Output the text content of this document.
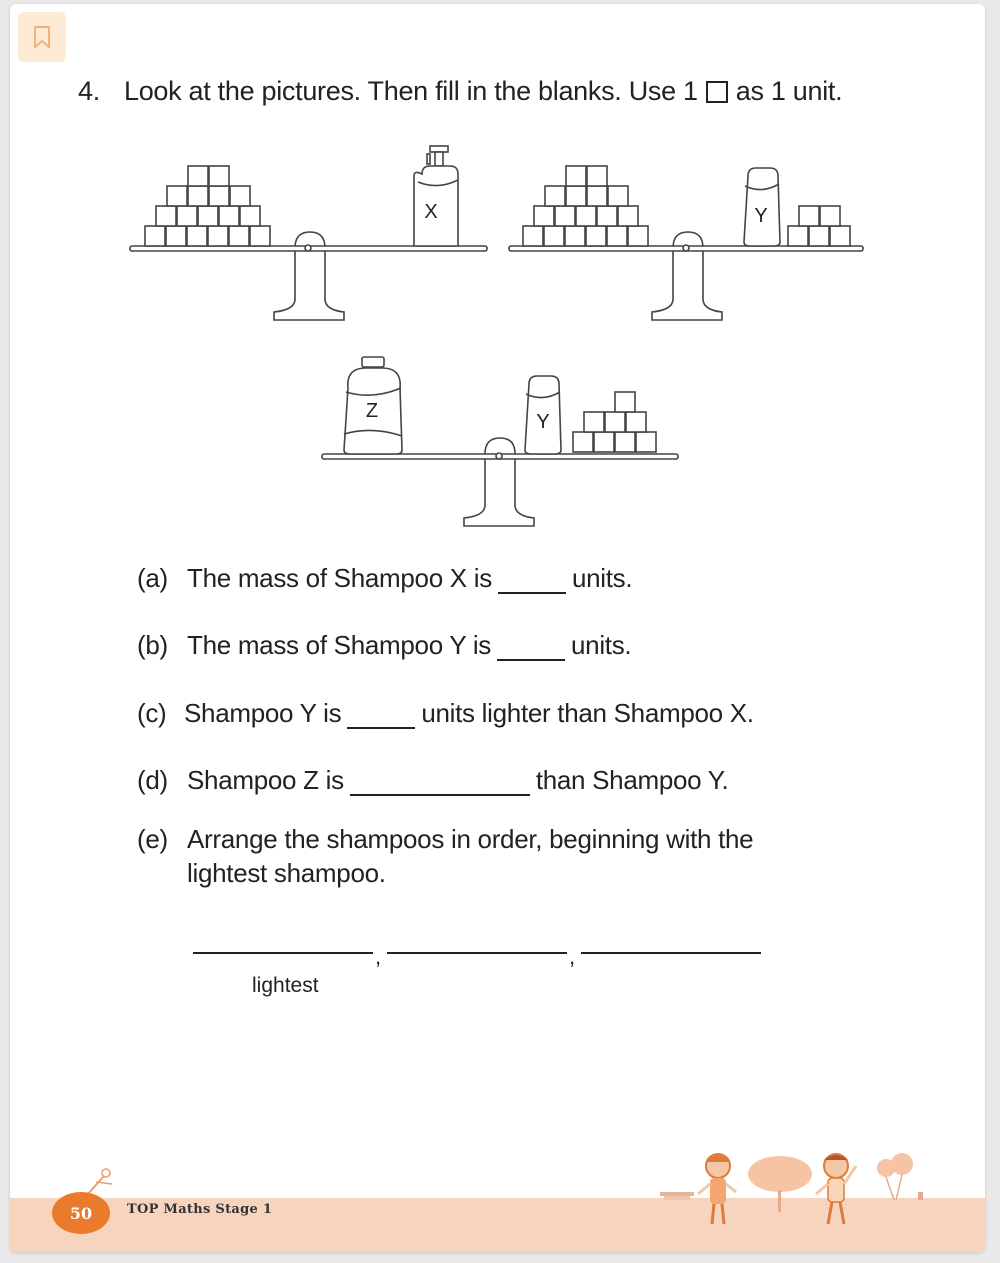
4. Look at the pictures. Then fill in the blanks. Use 1 as 1 unit.
X	Y
Z	Y
(a) The mass of Shampoo X is	units.
(b) The mass of Shampoo Y is	units.
(c) Shampoo Y is	units lighter than Shampoo X.
(d) Shampoo Z is	than Shampoo Y.
(e) Arrange the shampoos in order, beginning with the
lightest shampoo.
,	,
lightest
50	TOP Maths Stage 1
